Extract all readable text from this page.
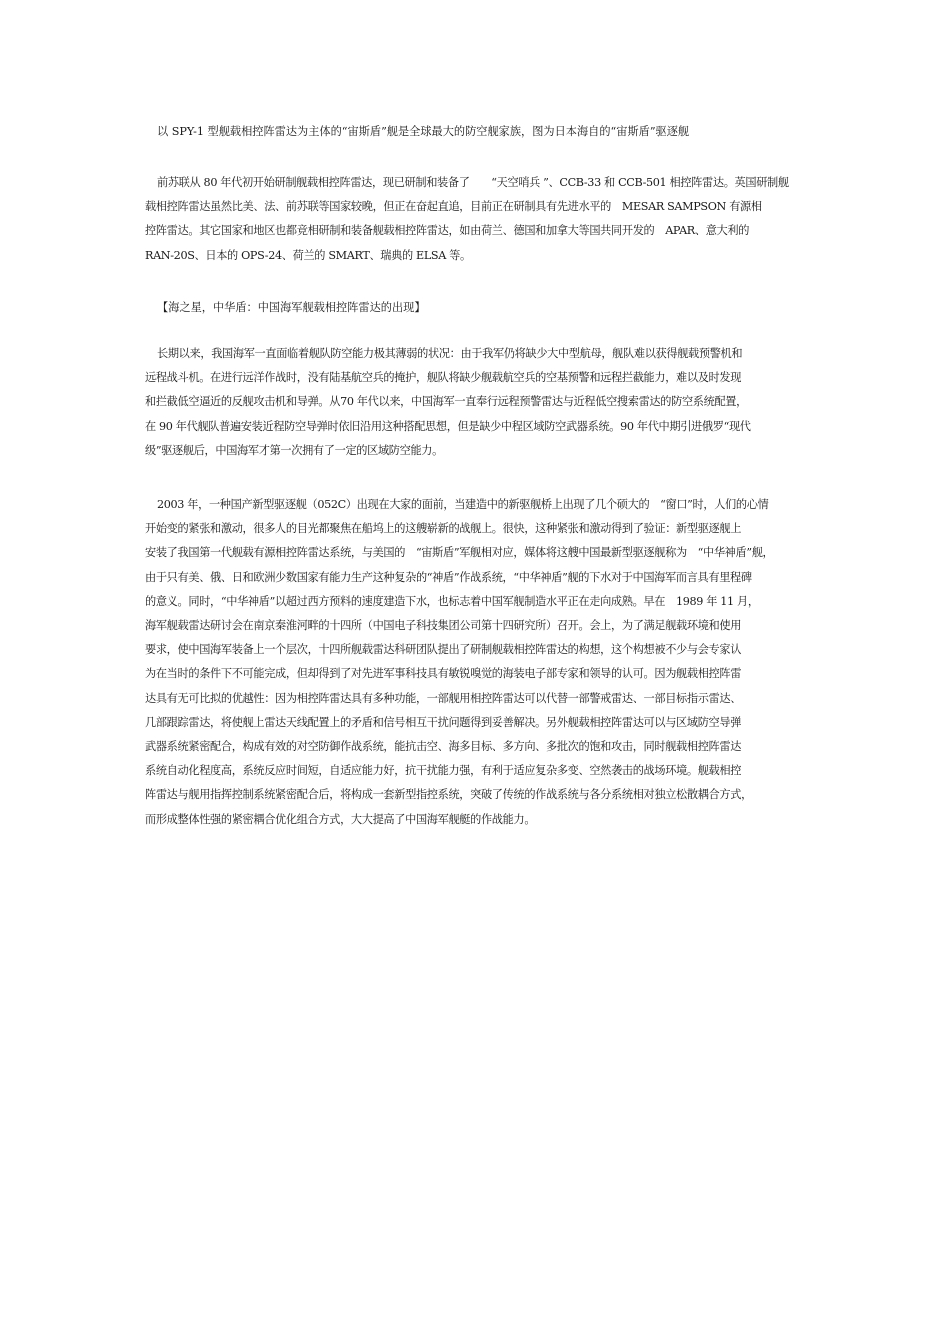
以 SPY-1 型舰载相控阵雷达为主体的“宙斯盾”舰是全球最大的防空舰家族，图为日本海自的“宙斯盾”驱逐舰
前苏联从 80 年代初开始研制舰载相控阵雷达，现已研制和装备了　　“天空哨兵 ”、CCB-33 和 CCB-501 相控阵雷达。英国研制舰
载相控阵雷达虽然比美、法、前苏联等国家较晚，但正在奋起直追，目前正在研制具有先进水平的　MESAR SAMPSON 有源相
控阵雷达。其它国家和地区也都竞相研制和装备舰载相控阵雷达，如由荷兰、德国和加拿大等国共同开发的　APAR、意大利的
RAN-20S、日本的 OPS-24、荷兰的 SMART、瑞典的 ELSA 等。
【海之星，中华盾：中国海军舰载相控阵雷达的出现】
长期以来，我国海军一直面临着舰队防空能力极其薄弱的状况：由于我军仍将缺少大中型航母，舰队难以获得舰载预警机和
远程战斗机。在进行远洋作战时，没有陆基航空兵的掩护，舰队将缺少舰载航空兵的空基预警和远程拦截能力，难以及时发现
和拦截低空逼近的反舰攻击机和导弹。从70 年代以来，中国海军一直奉行远程预警雷达与近程低空搜索雷达的防空系统配置，
在 90 年代舰队普遍安装近程防空导弹时依旧沿用这种搭配思想，但是缺少中程区域防空武器系统。90 年代中期引进俄罗“现代
级”驱逐舰后，中国海军才第一次拥有了一定的区域防空能力。
2003 年，一种国产新型驱逐舰（052C）出现在大家的面前，当建造中的新驱舰桥上出现了几个硕大的　“窗口”时，人们的心情
开始变的紧张和激动，很多人的目光都聚焦在船坞上的这艘崭新的战舰上。很快，这种紧张和激动得到了验证：新型驱逐舰上
安装了我国第一代舰载有源相控阵雷达系统，与美国的　“宙斯盾”军舰相对应，媒体将这艘中国最新型驱逐舰称为　“中华神盾”舰，
由于只有美、俄、日和欧洲少数国家有能力生产这种复杂的“神盾”作战系统，“中华神盾”舰的下水对于中国海军而言具有里程碑
的意义。同时，“中华神盾”以超过西方预料的速度建造下水，也标志着中国军舰制造水平正在走向成熟。早在　1989 年 11 月，
海军舰载雷达研讨会在南京秦淮河畔的十四所（中国电子科技集团公司第十四研究所）召开。会上，为了满足舰载环境和使用
要求，使中国海军装备上一个层次，十四所舰载雷达科研团队提出了研制舰载相控阵雷达的构想，这个构想被不少与会专家认
为在当时的条件下不可能完成，但却得到了对先进军事科技具有敏锐嗅觉的海装电子部专家和领导的认可。因为舰载相控阵雷
达具有无可比拟的优越性：因为相控阵雷达具有多种功能，一部舰用相控阵雷达可以代替一部警戒雷达、一部目标指示雷达、
几部跟踪雷达，将使舰上雷达天线配置上的矛盾和信号相互干扰问题得到妥善解决。另外舰载相控阵雷达可以与区域防空导弹
武器系统紧密配合，构成有效的对空防御作战系统，能抗击空、海多目标、多方向、多批次的饱和攻击，同时舰载相控阵雷达
系统自动化程度高，系统反应时间短，自适应能力好，抗干扰能力强，有利于适应复杂多变、空然袭击的战场环境。舰载相控
阵雷达与舰用指挥控制系统紧密配合后，将构成一套新型指控系统，突破了传统的作战系统与各分系统相对独立松散耦合方式，
而形成整体性强的紧密耦合优化组合方式，大大提高了中国海军舰艇的作战能力。
